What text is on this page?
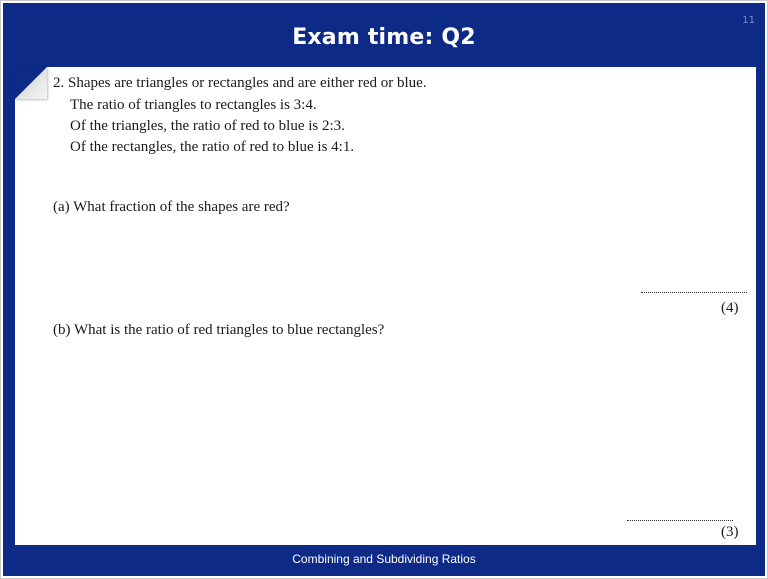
Exam time: Q2
11
2. Shapes are triangles or rectangles and are either red or blue.
The ratio of triangles to rectangles is 3:4.
Of the triangles, the ratio of red to blue is 2:3.
Of the rectangles, the ratio of red to blue is 4:1.
(a) What fraction of the shapes are red?
(4)
(b) What is the ratio of red triangles to blue rectangles?
(3)
Combining and Subdividing Ratios
